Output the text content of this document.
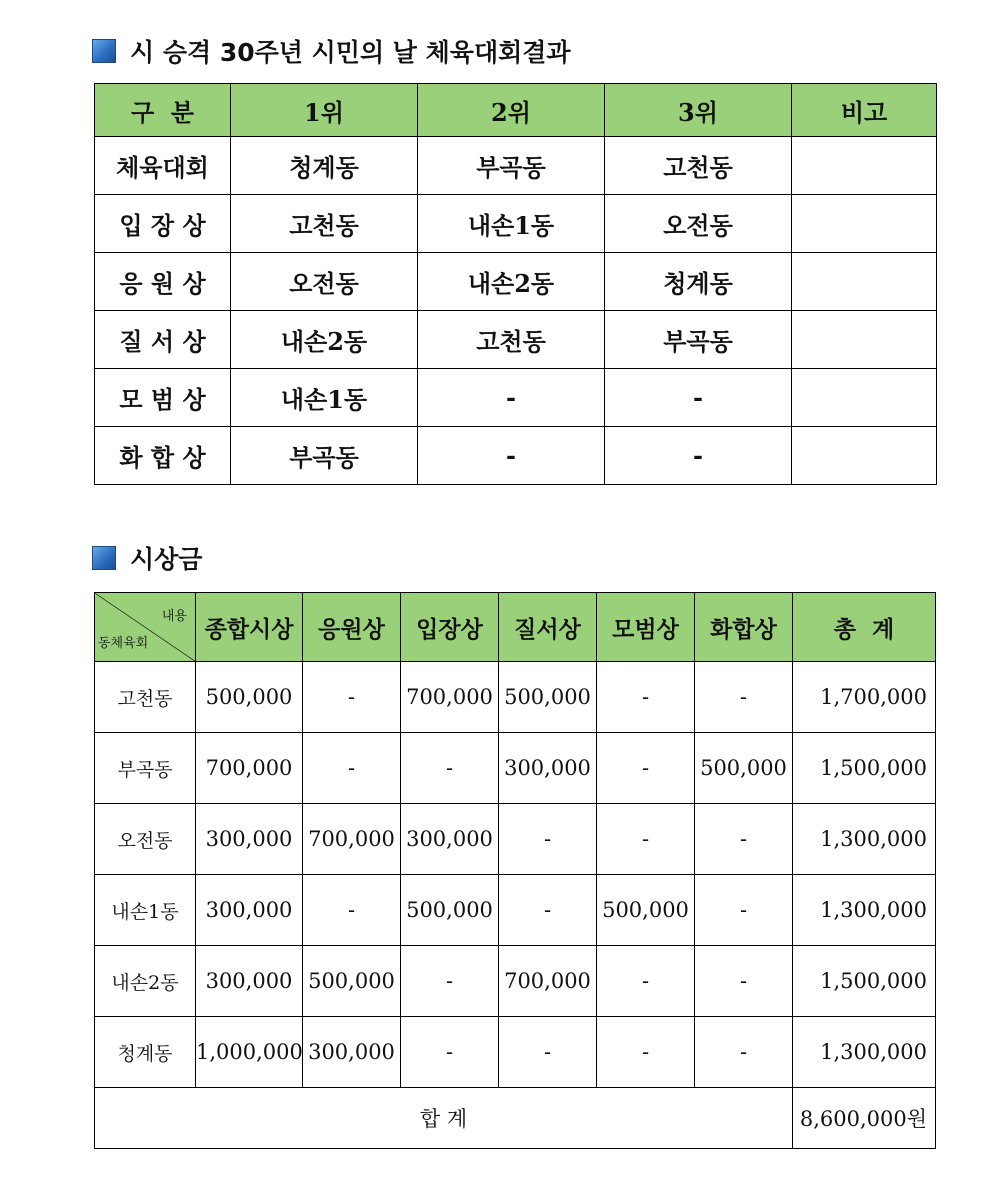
시 승격 30주년 시민의 날 체육대회결과
구  분	1위	2위	3위	비고
체육대회	청계동	부곡동	고천동	
입 장 상	고천동	내손1동	오전동	
응 원 상	오전동	내손2동	청계동	
질 서 상	내손2동	고천동	부곡동	
모 범 상	내손1동	-	-	
화 합 상	부곡동	-	-	
시상금
내용
동체육회	종합시상	응원상	입장상	질서상	모범상	화합상	총  계
고천동	500,000	-	700,000	500,000	-	-	1,700,000
부곡동	700,000	-	-	300,000	-	500,000	1,500,000
오전동	300,000	700,000	300,000	-	-	-	1,300,000
내손1동	300,000	-	500,000	-	500,000	-	1,300,000
내손2동	300,000	500,000	-	700,000	-	-	1,500,000
청계동	1,000,000	300,000	-	-	-	-	1,300,000
합 계							8,600,000원
